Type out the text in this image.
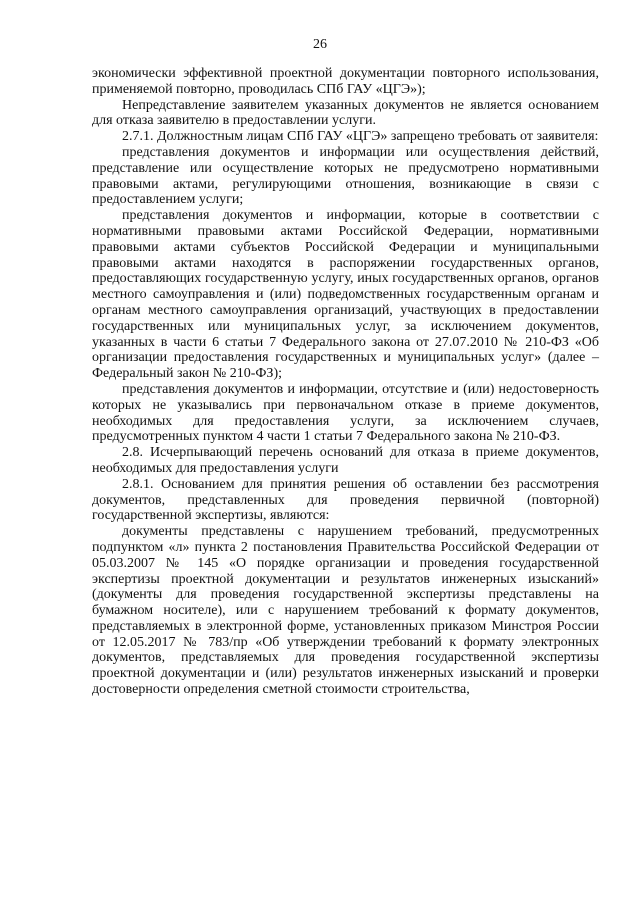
26

экономически эффективной проектной документации повторного использования, применяемой повторно, проводилась СПб ГАУ «ЦГЭ»);

Непредставление заявителем указанных документов не является основанием для отказа заявителю в предоставлении услуги.

2.7.1. Должностным лицам СПб ГАУ «ЦГЭ» запрещено требовать от заявителя:

представления документов и информации или осуществления действий, представление или осуществление которых не предусмотрено нормативными правовыми актами, регулирующими отношения, возникающие в связи с предоставлением услуги;

представления документов и информации, которые в соответствии с нормативными правовыми актами Российской Федерации, нормативными правовыми актами субъектов Российской Федерации и муниципальными правовыми актами находятся в распоряжении государственных органов, предоставляющих государственную услугу, иных государственных органов, органов местного самоуправления и (или) подведомственных государственным органам и органам местного самоуправления организаций, участвующих в предоставлении государственных или муниципальных услуг, за исключением документов, указанных в части 6 статьи 7 Федерального закона от 27.07.2010 № 210-ФЗ «Об организации предоставления государственных и муниципальных услуг» (далее – Федеральный закон № 210-ФЗ);

представления документов и информации, отсутствие и (или) недостоверность которых не указывались при первоначальном отказе в приеме документов, необходимых для предоставления услуги, за исключением случаев, предусмотренных пунктом 4 части 1 статьи 7 Федерального закона № 210-ФЗ.

2.8. Исчерпывающий перечень оснований для отказа в приеме документов, необходимых для предоставления услуги

2.8.1. Основанием для принятия решения об оставлении без рассмотрения документов, представленных для проведения первичной (повторной) государственной экспертизы, являются:

документы представлены с нарушением требований, предусмотренных подпунктом «л» пункта 2 постановления Правительства Российской Федерации от 05.03.2007 № 145 «О порядке организации и проведения государственной экспертизы проектной документации и результатов инженерных изысканий» (документы для проведения государственной экспертизы представлены на бумажном носителе), или с нарушением требований к формату документов, представляемых в электронной форме, установленных приказом Минстроя России от 12.05.2017 № 783/пр «Об утверждении требований к формату электронных документов, представляемых для проведения государственной экспертизы проектной документации и (или) результатов инженерных изысканий и проверки достоверности определения сметной стоимости строительства,
